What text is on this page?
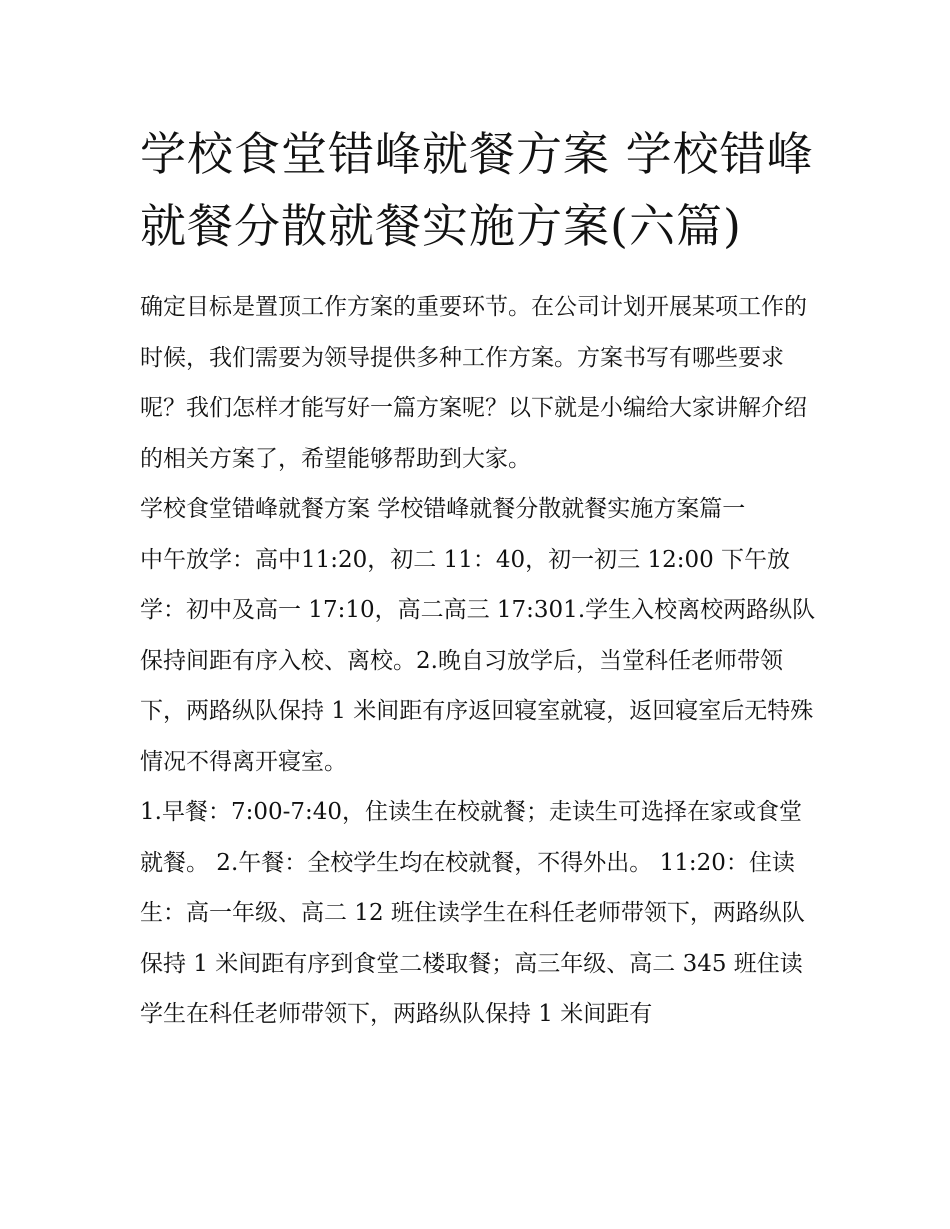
学校食堂错峰就餐方案 学校错峰就餐分散就餐实施方案(六篇)

确定目标是置顶工作方案的重要环节。在公司计划开展某项工作的时候，我们需要为领导提供多种工作方案。方案书写有哪些要求呢？我们怎样才能写好一篇方案呢？以下就是小编给大家讲解介绍的相关方案了，希望能够帮助到大家。

学校食堂错峰就餐方案 学校错峰就餐分散就餐实施方案篇一

中午放学：高中11:20，初二 11：40，初一初三 12:00 下午放学：初中及高一 17:10，高二高三 17:301.学生入校离校两路纵队保持间距有序入校、离校。2.晚自习放学后，当堂科任老师带领下，两路纵队保持 1 米间距有序返回寝室就寝，返回寝室后无特殊情况不得离开寝室。

1.早餐：7:00-7:40，住读生在校就餐；走读生可选择在家或食堂就餐。 2.午餐：全校学生均在校就餐，不得外出。 11:20：住读生：高一年级、高二 12 班住读学生在科任老师带领下，两路纵队保持 1 米间距有序到食堂二楼取餐；高三年级、高二 345 班住读学生在科任老师带领下，两路纵队保持 1 米间距有
